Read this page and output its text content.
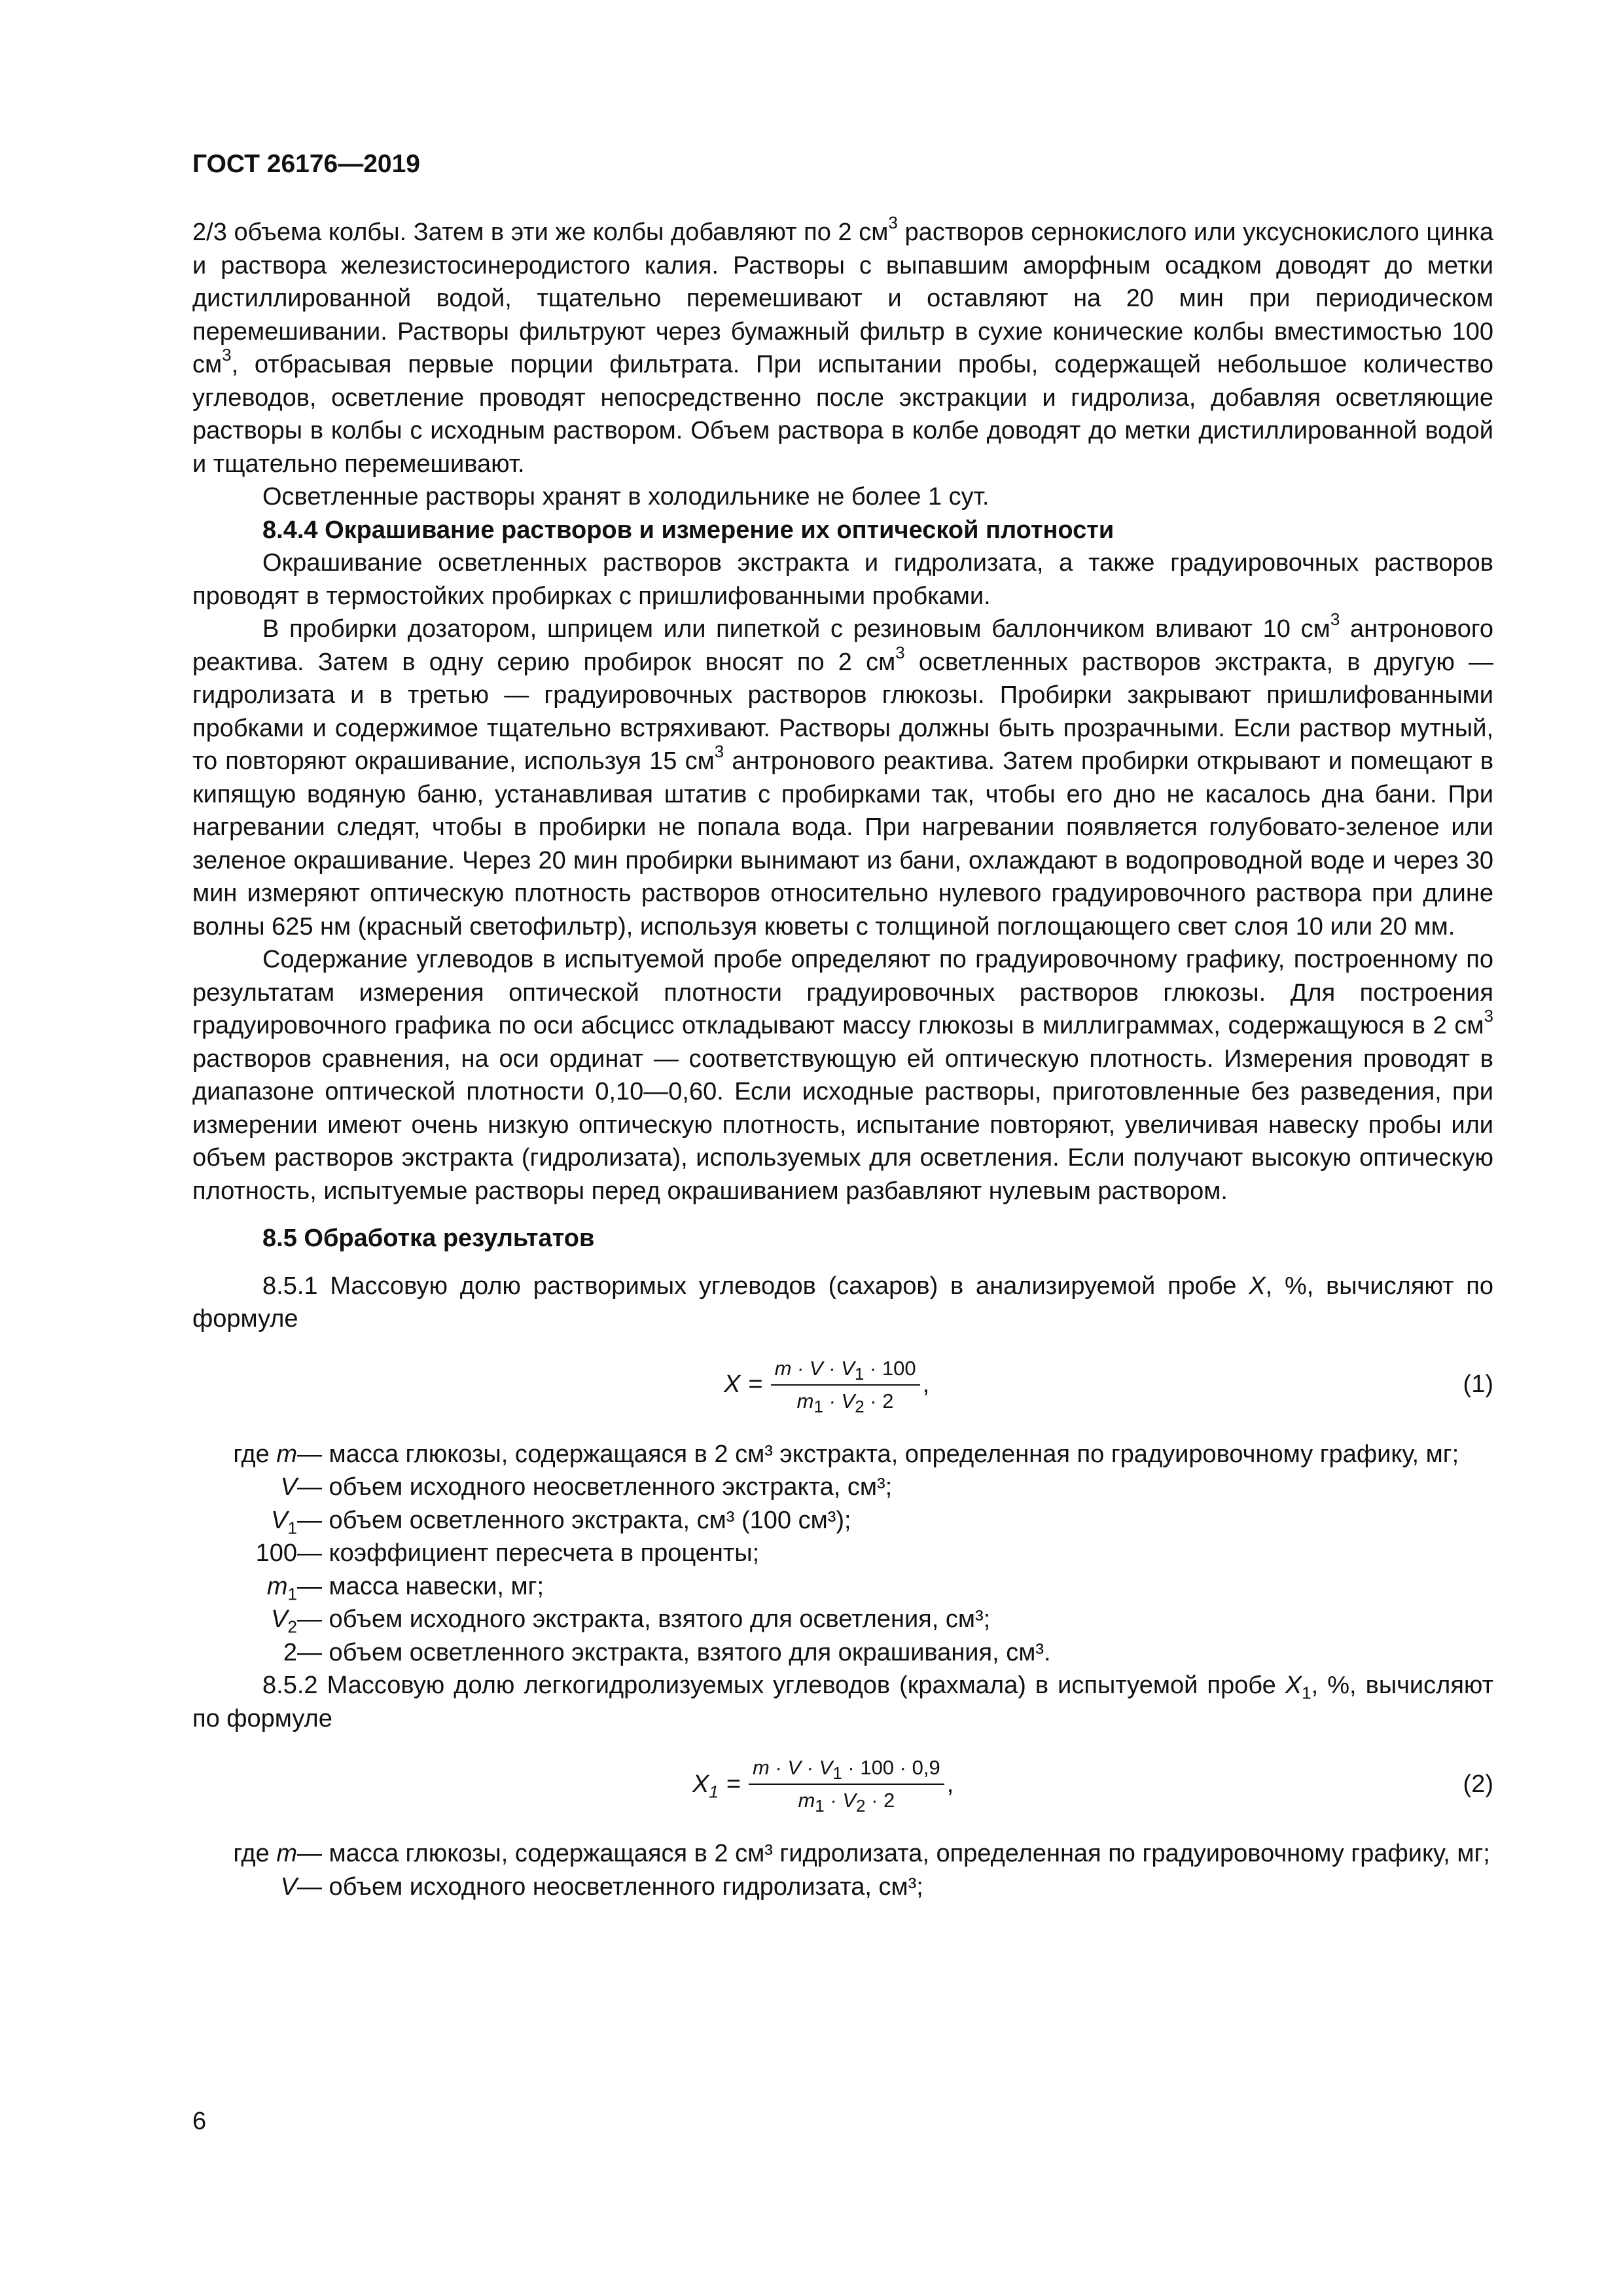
ГОСТ 26176—2019

2/3 объема колбы. Затем в эти же колбы добавляют по 2 $см^3$ растворов сернокислого или уксуснокислого цинка и раствора железистосинеродистого калия. Растворы с выпавшим аморфным осадком доводят до метки дистиллированной водой, тщательно перемешивают и оставляют на 20 мин при периодическом перемешивании. Растворы фильтруют через бумажный фильтр в сухие конические колбы вместимостью 100 $см^3$, отбрасывая первые порции фильтрата. При испытании пробы, содержащей небольшое количество углеводов, осветление проводят непосредственно после экстракции и гидролиза, добавляя осветляющие растворы в колбы с исходным раствором. Объем раствора в колбе доводят до метки дистиллированной водой и тщательно перемешивают.

Осветленные растворы хранят в холодильнике не более 1 сут.

8.4.4 Окрашивание растворов и измерение их оптической плотности

Окрашивание осветленных растворов экстракта и гидролизата, а также градуировочных растворов проводят в термостойких пробирках с пришлифованными пробками.

В пробирки дозатором, шприцем или пипеткой с резиновым баллончиком вливают 10 $см^3$ антронового реактива. Затем в одну серию пробирок вносят по 2 $см^3$ осветленных растворов экстракта, в другую — гидролизата и в третью — градуировочных растворов глюкозы. Пробирки закрывают пришлифованными пробками и содержимое тщательно встряхивают. Растворы должны быть прозрачными. Если раствор мутный, то повторяют окрашивание, используя 15 $см^3$ антронового реактива. Затем пробирки открывают и помещают в кипящую водяную баню, устанавливая штатив с пробирками так, чтобы его дно не касалось дна бани. При нагревании следят, чтобы в пробирки не попала вода. При нагревании появляется голубовато-зеленое или зеленое окрашивание. Через 20 мин пробирки вынимают из бани, охлаждают в водопроводной воде и через 30 мин измеряют оптическую плотность растворов относительно нулевого градуировочного раствора при длине волны 625 нм (красный светофильтр), используя кюветы с толщиной поглощающего свет слоя 10 или 20 мм.

Содержание углеводов в испытуемой пробе определяют по градуировочному графику, построенному по результатам измерения оптической плотности градуировочных растворов глюкозы. Для построения градуировочного графика по оси абсцисс откладывают массу глюкозы в миллиграммах, содержащуюся в 2 $см^3$ растворов сравнения, на оси ординат — соответствующую ей оптическую плотность. Измерения проводят в диапазоне оптической плотности 0,10—0,60. Если исходные растворы, приготовленные без разведения, при измерении имеют очень низкую оптическую плотность, испытание повторяют, увеличивая навеску пробы или объем растворов экстракта (гидролизата), используемых для осветления. Если получают высокую оптическую плотность, испытуемые растворы перед окрашиванием разбавляют нулевым раствором.

8.5 Обработка результатов

8.5.1 Массовую долю растворимых углеводов (сахаров) в анализируемой пробе X, %, вычисляют по формуле

$X = \frac{m \cdot V \cdot V_1 \cdot 100}{m_1 \cdot V_2 \cdot 2}$ ,	(1)
где m — масса глюкозы, содержащаяся в 2 см³ экстракта, определенная по градуировочному графику, мг;
V — объем исходного неосветленного экстракта, см³;
$V_1$ — объем осветленного экстракта, см³ (100 см³);
100 — коэффициент пересчета в проценты;
$m_1$ — масса навески, мг;
$V_2$ — объем исходного экстракта, взятого для осветления, см³;
2 — объем осветленного экстракта, взятого для окрашивания, см³.

8.5.2 Массовую долю легкогидролизуемых углеводов (крахмала) в испытуемой пробе $X_1$, %, вычисляют по формуле

$X_1 = \frac{m \cdot V \cdot V_1 \cdot 100 \cdot 0,9}{m_1 \cdot V_2 \cdot 2}$ ,	(2)
где m — масса глюкозы, содержащаяся в 2 см³ гидролизата, определенная по градуировочному графику, мг;
V — объем исходного неосветленного гидролизата, см³;
6
